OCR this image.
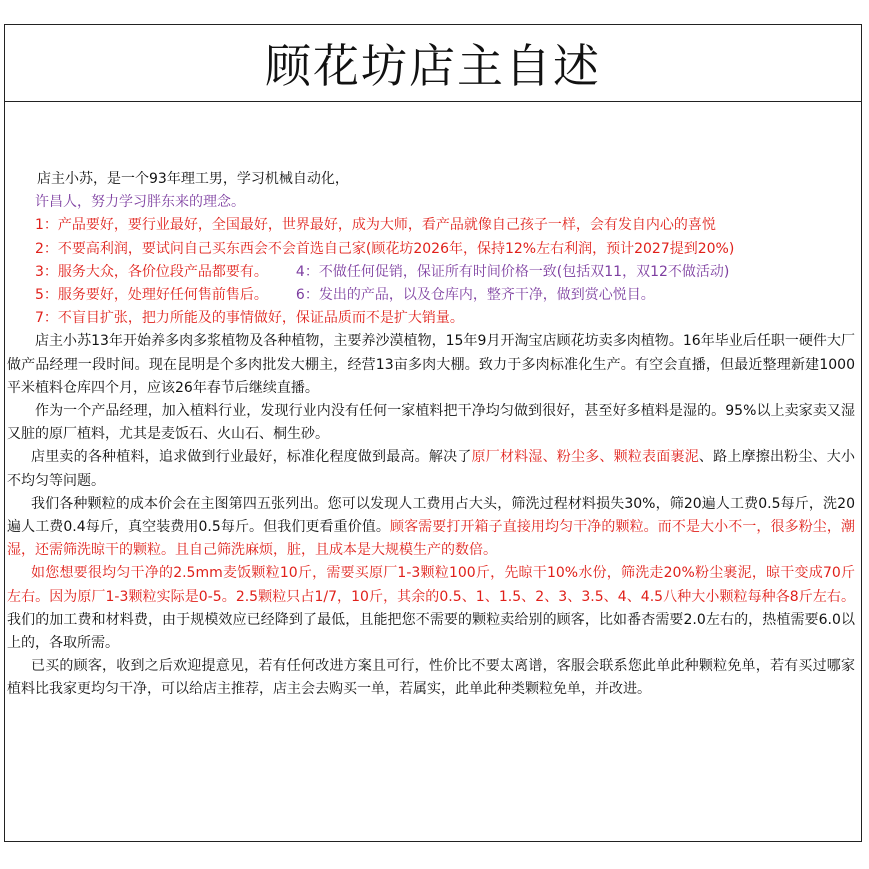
顾花坊店主自述
店主小苏，是一个93年理工男，学习机械自动化，
许昌人，努力学习胖东来的理念。
1：产品要好，要行业最好，全国最好，世界最好，成为大师，看产品就像自己孩子一样，会有发自内心的喜悦
2：不要高利润，要试问自己买东西会不会首选自己家(顾花坊2026年，保持12%左右利润，预计2027提到20%)
3：服务大众，各价位段产品都要有。 4：不做任何促销，保证所有时间价格一致(包括双11，双12不做活动)
5：服务要好，处理好任何售前售后。 6：发出的产品，以及仓库内，整齐干净，做到赏心悦目。
7：不盲目扩张，把力所能及的事情做好，保证品质而不是扩大销量。
店主小苏13年开始养多肉多浆植物及各种植物，主要养沙漠植物，15年9月开淘宝店顾花坊卖多肉植物。16年毕业后任职一硬件大厂做产品经理一段时间。现在昆明是个多肉批发大棚主，经营13亩多肉大棚。致力于多肉标准化生产。有空会直播，但最近整理新建1000平米植料仓库四个月，应该26年春节后继续直播。
作为一个产品经理，加入植料行业，发现行业内没有任何一家植料把干净均匀做到很好，甚至好多植料是湿的。95%以上卖家卖又湿又脏的原厂植料，尤其是麦饭石、火山石、桐生砂。
店里卖的各种植料，追求做到行业最好，标准化程度做到最高。解决了原厂材料湿、粉尘多、颗粒表面裹泥、路上摩擦出粉尘、大小不均匀等问题。
我们各种颗粒的成本价会在主图第四五张列出。您可以发现人工费用占大头，筛洗过程材料损失30%，筛20遍人工费0.5每斤，洗20遍人工费0.4每斤，真空装费用0.5每斤。但我们更看重价值。顾客需要打开箱子直接用均匀干净的颗粒。而不是大小不一，很多粉尘，潮湿，还需筛洗晾干的颗粒。且自己筛洗麻烦，脏，且成本是大规模生产的数倍。
如您想要很均匀干净的2.5mm麦饭颗粒10斤，需要买原厂1-3颗粒100斤，先晾干10%水份，筛洗走20%粉尘裹泥，晾干变成70斤左右。因为原厂1-3颗粒实际是0-5。2.5颗粒只占1/7，10斤，其余的0.5、1、1.5、2、3、3.5、4、4.5八种大小颗粒每种各8斤左右。我们的加工费和材料费，由于规模效应已经降到了最低，且能把您不需要的颗粒卖给别的顾客，比如番杏需要2.0左右的，热植需要6.0以上的，各取所需。
已买的顾客，收到之后欢迎提意见，若有任何改进方案且可行，性价比不要太离谱，客服会联系您此单此种颗粒免单，若有买过哪家植料比我家更均匀干净，可以给店主推荐，店主会去购买一单，若属实，此单此种类颗粒免单，并改进。
